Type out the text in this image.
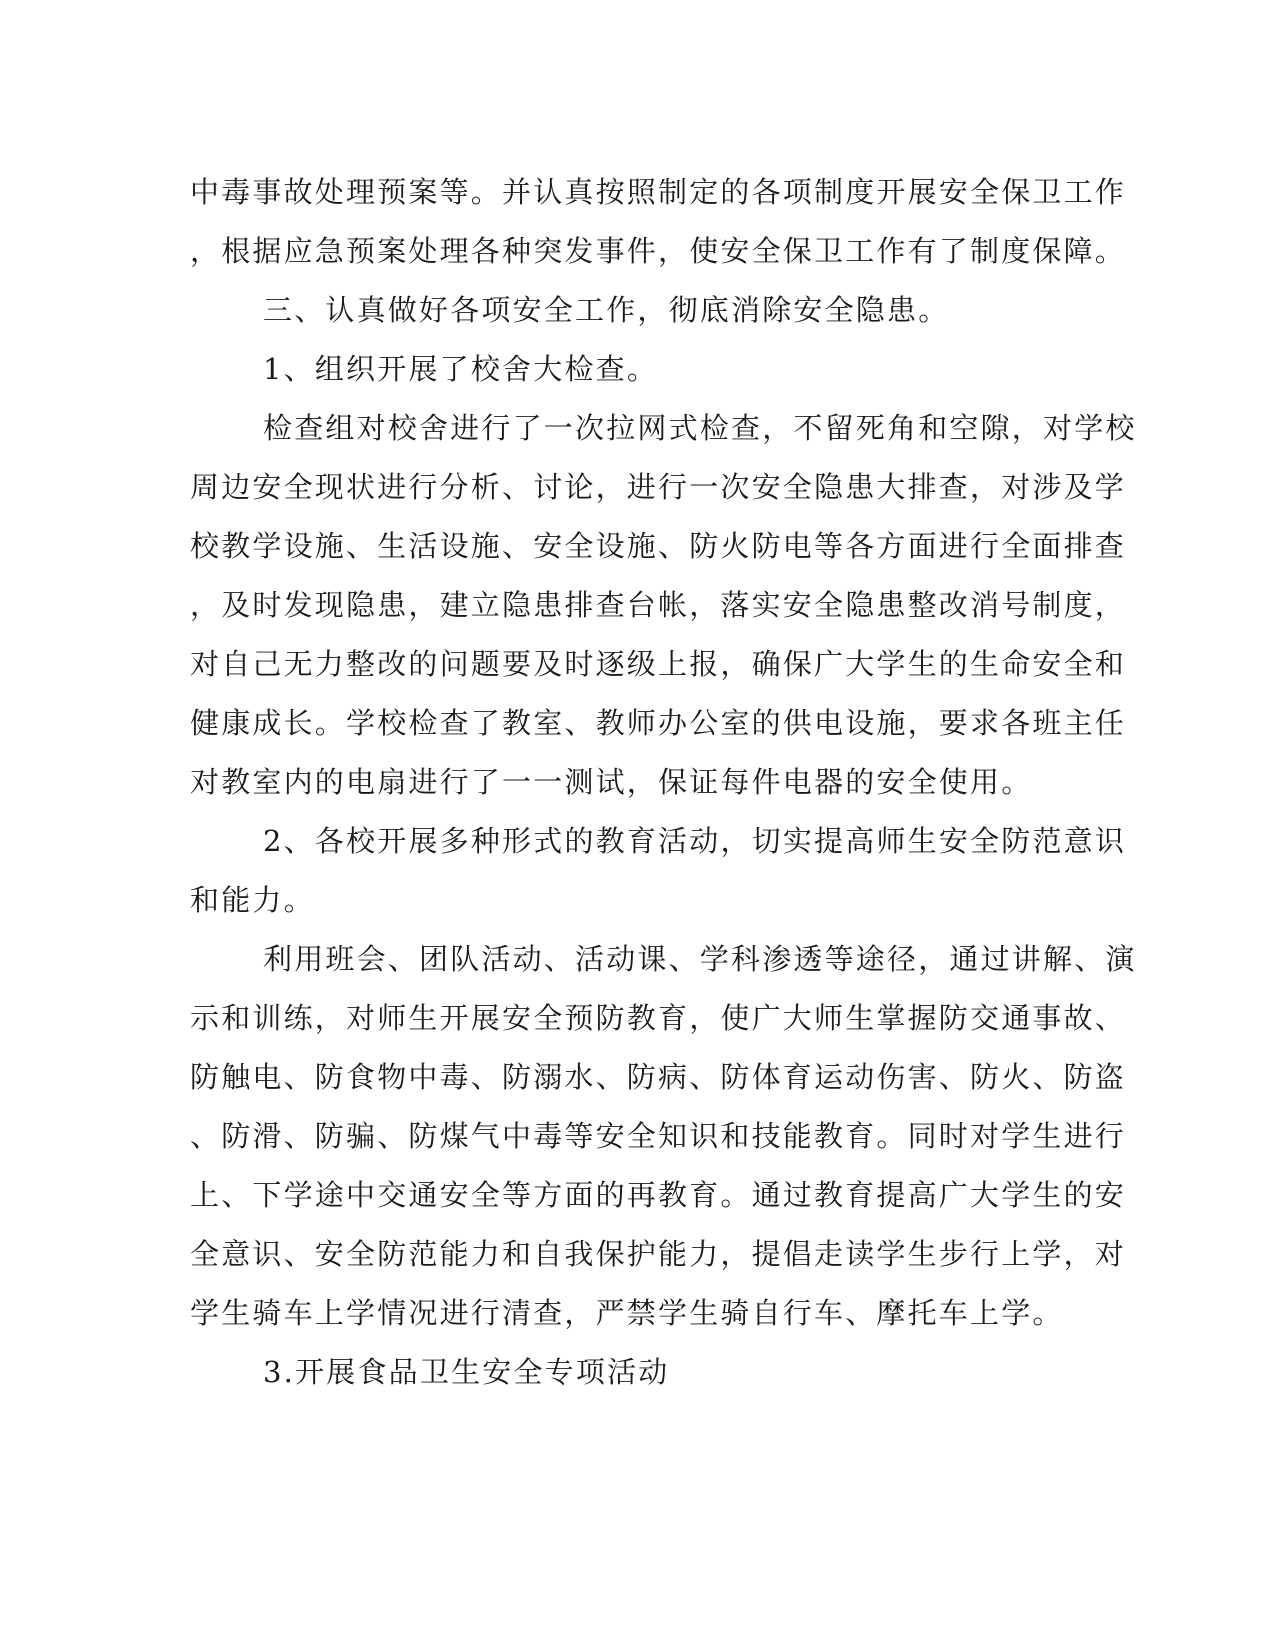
中毒事故处理预案等。并认真按照制定的各项制度开展安全保卫工作
，根据应急预案处理各种突发事件，使安全保卫工作有了制度保障。
三、认真做好各项安全工作，彻底消除安全隐患。
1、组织开展了校舍大检查。
检查组对校舍进行了一次拉网式检查，不留死角和空隙，对学校
周边安全现状进行分析、讨论，进行一次安全隐患大排查，对涉及学
校教学设施、生活设施、安全设施、防火防电等各方面进行全面排查
，及时发现隐患，建立隐患排查台帐，落实安全隐患整改消号制度，
对自己无力整改的问题要及时逐级上报，确保广大学生的生命安全和
健康成长。学校检查了教室、教师办公室的供电设施，要求各班主任
对教室内的电扇进行了一一测试，保证每件电器的安全使用。
2、各校开展多种形式的教育活动，切实提高师生安全防范意识
和能力。
利用班会、团队活动、活动课、学科渗透等途径，通过讲解、演
示和训练，对师生开展安全预防教育，使广大师生掌握防交通事故、
防触电、防食物中毒、防溺水、防病、防体育运动伤害、防火、防盗
、防滑、防骗、防煤气中毒等安全知识和技能教育。同时对学生进行
上、下学途中交通安全等方面的再教育。通过教育提高广大学生的安
全意识、安全防范能力和自我保护能力，提倡走读学生步行上学，对
学生骑车上学情况进行清查，严禁学生骑自行车、摩托车上学。
3.开展食品卫生安全专项活动
